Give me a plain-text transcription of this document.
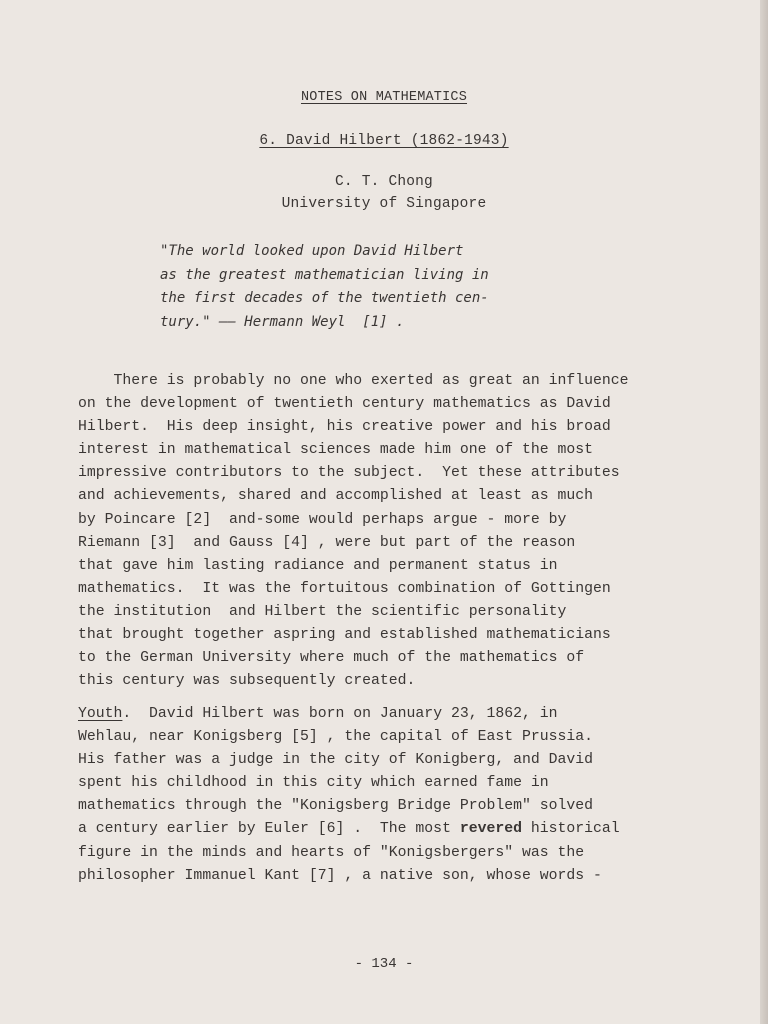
NOTES ON MATHEMATICS
6. David Hilbert (1862-1943)
C. T. Chong
University of Singapore
"The world looked upon David Hilbert
as the greatest mathematician living in
the first decades of the twentieth cen-
tury." —— Hermann Weyl  [1] .
There is probably no one who exerted as great an influence
on the development of twentieth century mathematics as David
Hilbert.  His deep insight, his creative power and his broad
interest in mathematical sciences made him one of the most
impressive contributors to the subject.  Yet these attributes
and achievements, shared and accomplished at least as much
by Poincare [2]  and-some would perhaps argue - more by
Riemann [3]  and Gauss [4] , were but part of the reason
that gave him lasting radiance and permanent status in
mathematics.  It was the fortuitous combination of Gottingen
the institution  and Hilbert the scientific personality
that brought together aspring and established mathematicians
to the German University where much of the mathematics of
this century was subsequently created.
Youth.  David Hilbert was born on January 23, 1862, in
Wehlau, near Konigsberg [5] , the capital of East Prussia.
His father was a judge in the city of Konigberg, and David
spent his childhood in this city which earned fame in
mathematics through the "Konigsberg Bridge Problem" solved
a century earlier by Euler [6] .  The most revered historical
figure in the minds and hearts of "Konigsbergers" was the
philosopher Immanuel Kant [7] , a native son, whose words -
- 134 -
